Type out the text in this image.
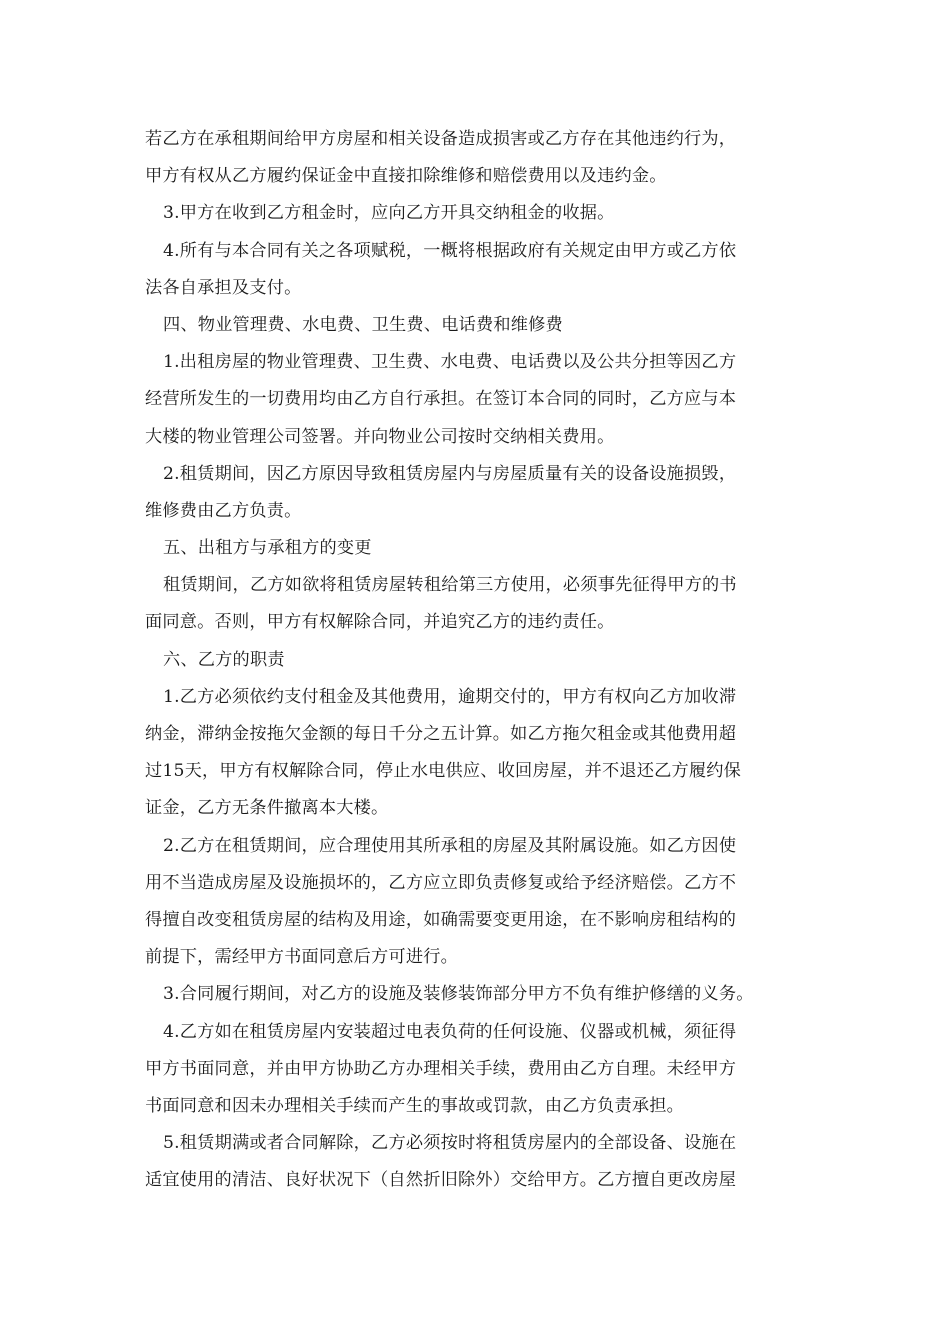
若乙方在承租期间给甲方房屋和相关设备造成损害或乙方存在其他违约行为，
甲方有权从乙方履约保证金中直接扣除维修和赔偿费用以及违约金。
3.甲方在收到乙方租金时，应向乙方开具交纳租金的收据。
4.所有与本合同有关之各项赋税，一概将根据政府有关规定由甲方或乙方依
法各自承担及支付。
四、物业管理费、水电费、卫生费、电话费和维修费
1.出租房屋的物业管理费、卫生费、水电费、电话费以及公共分担等因乙方
经营所发生的一切费用均由乙方自行承担。在签订本合同的同时，乙方应与本
大楼的物业管理公司签署。并向物业公司按时交纳相关费用。
2.租赁期间，因乙方原因导致租赁房屋内与房屋质量有关的设备设施损毁，
维修费由乙方负责。
五、出租方与承租方的变更
租赁期间，乙方如欲将租赁房屋转租给第三方使用，必须事先征得甲方的书
面同意。否则，甲方有权解除合同，并追究乙方的违约责任。
六、乙方的职责
1.乙方必须依约支付租金及其他费用，逾期交付的，甲方有权向乙方加收滞
纳金，滞纳金按拖欠金额的每日千分之五计算。如乙方拖欠租金或其他费用超
过15天，甲方有权解除合同，停止水电供应、收回房屋，并不退还乙方履约保
证金，乙方无条件撤离本大楼。
2.乙方在租赁期间，应合理使用其所承租的房屋及其附属设施。如乙方因使
用不当造成房屋及设施损坏的，乙方应立即负责修复或给予经济赔偿。乙方不
得擅自改变租赁房屋的结构及用途，如确需要变更用途，在不影响房租结构的
前提下，需经甲方书面同意后方可进行。
3.合同履行期间，对乙方的设施及装修装饰部分甲方不负有维护修缮的义务。
4.乙方如在租赁房屋内安装超过电表负荷的任何设施、仪器或机械，须征得
甲方书面同意，并由甲方协助乙方办理相关手续，费用由乙方自理。未经甲方
书面同意和因未办理相关手续而产生的事故或罚款，由乙方负责承担。
5.租赁期满或者合同解除，乙方必须按时将租赁房屋内的全部设备、设施在
适宜使用的清洁、良好状况下（自然折旧除外）交给甲方。乙方擅自更改房屋
